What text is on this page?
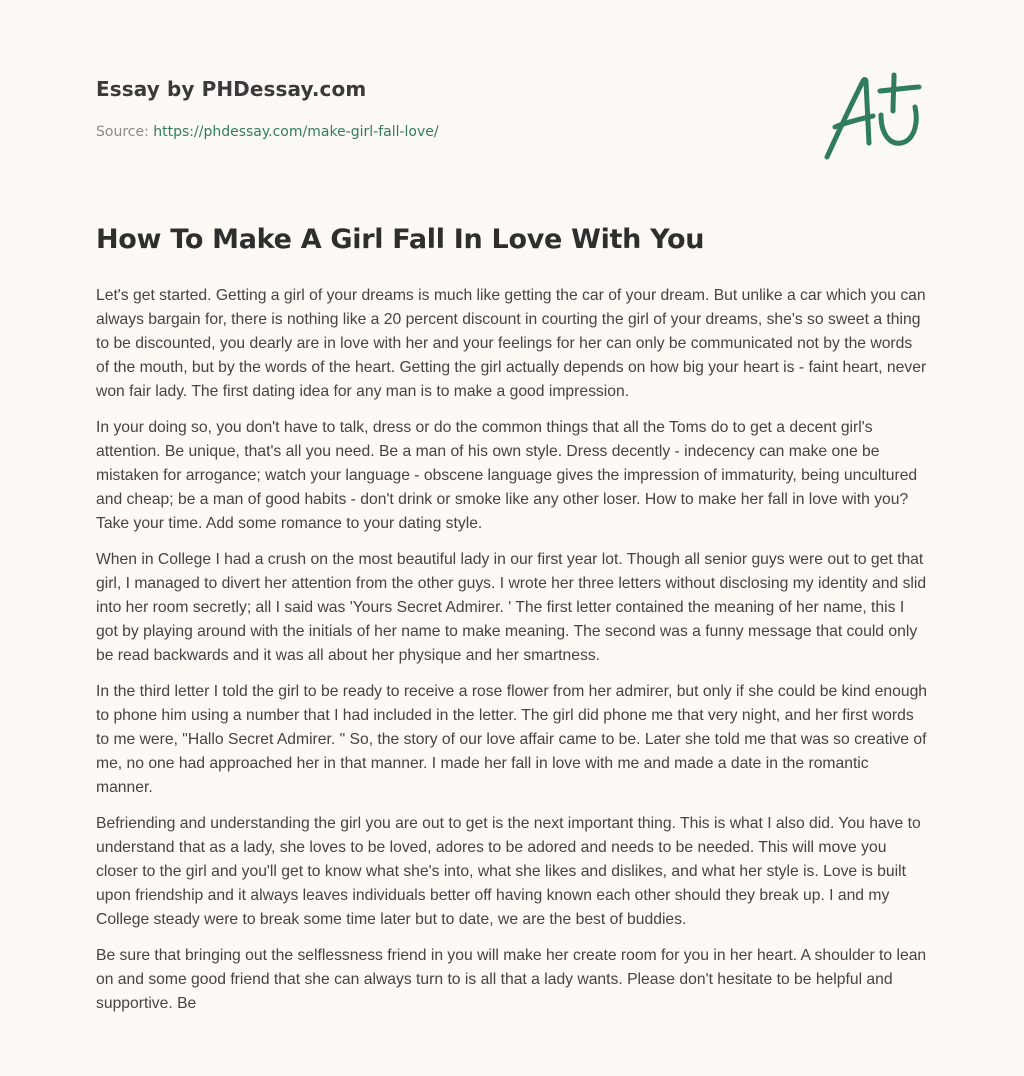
Essay by PHDessay.com

Source: https://phdessay.com/make-girl-fall-love/

How To Make A Girl Fall In Love With You

Let's get started. Getting a girl of your dreams is much like getting the car of your dream. But unlike a car which you can always bargain for, there is nothing like a 20 percent discount in courting the girl of your dreams, she's so sweet a thing to be discounted, you dearly are in love with her and your feelings for her can only be communicated not by the words of the mouth, but by the words of the heart. Getting the girl actually depends on how big your heart is - faint heart, never won fair lady. The first dating idea for any man is to make a good impression.

In your doing so, you don't have to talk, dress or do the common things that all the Toms do to get a decent girl's attention. Be unique, that's all you need. Be a man of his own style. Dress decently - indecency can make one be mistaken for arrogance; watch your language - obscene language gives the impression of immaturity, being uncultured and cheap; be a man of good habits - don't drink or smoke like any other loser. How to make her fall in love with you? Take your time. Add some romance to your dating style.

When in College I had a crush on the most beautiful lady in our first year lot. Though all senior guys were out to get that girl, I managed to divert her attention from the other guys. I wrote her three letters without disclosing my identity and slid into her room secretly; all I said was 'Yours Secret Admirer. ' The first letter contained the meaning of her name, this I got by playing around with the initials of her name to make meaning. The second was a funny message that could only be read backwards and it was all about her physique and her smartness.

In the third letter I told the girl to be ready to receive a rose flower from her admirer, but only if she could be kind enough to phone him using a number that I had included in the letter. The girl did phone me that very night, and her first words to me were, "Hallo Secret Admirer. " So, the story of our love affair came to be. Later she told me that was so creative of me, no one had approached her in that manner. I made her fall in love with me and made a date in the romantic manner.

Befriending and understanding the girl you are out to get is the next important thing. This is what I also did. You have to understand that as a lady, she loves to be loved, adores to be adored and needs to be needed. This will move you closer to the girl and you'll get to know what she's into, what she likes and dislikes, and what her style is. Love is built upon friendship and it always leaves individuals better off having known each other should they break up. I and my College steady were to break some time later but to date, we are the best of buddies.

Be sure that bringing out the selflessness friend in you will make her create room for you in her heart. A shoulder to lean on and some good friend that she can always turn to is all that a lady wants. Please don't hesitate to be helpful and supportive. Be
